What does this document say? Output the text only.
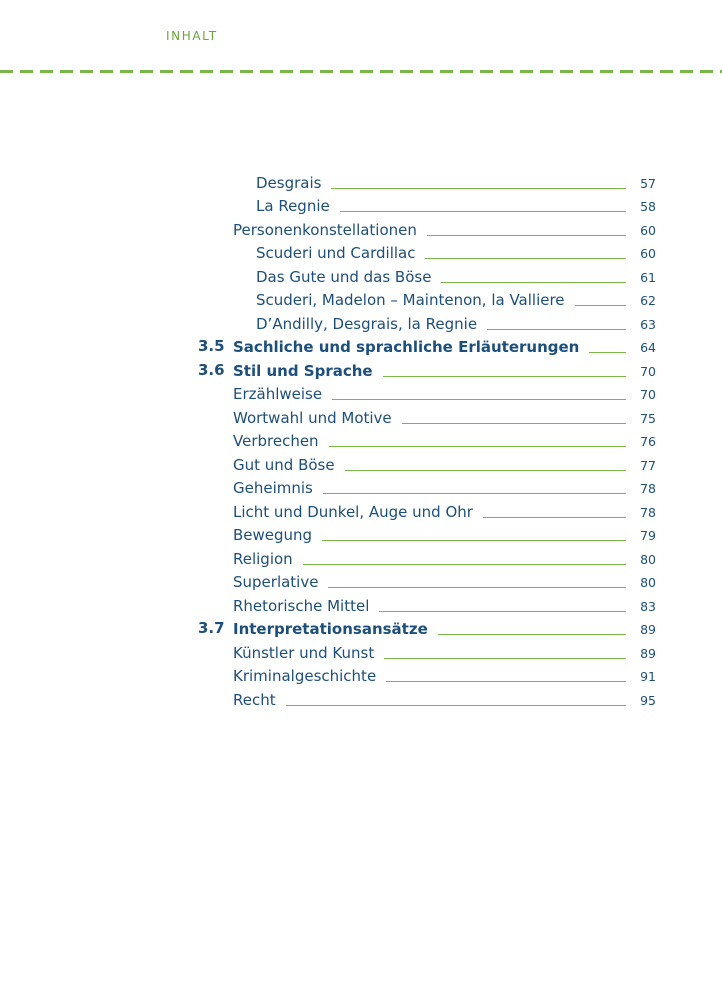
INHALT
Desgrais	57
La Regnie	58
Personenkonstellationen	60
Scuderi und Cardillac	60
Das Gute und das Böse	61
Scuderi, Madelon – Maintenon, la Valliere	62
D’Andilly, Desgrais, la Regnie	63
3.5 Sachliche und sprachliche Erläuterungen	64
3.6 Stil und Sprache	70
Erzählweise	70
Wortwahl und Motive	75
Verbrechen	76
Gut und Böse	77
Geheimnis	78
Licht und Dunkel, Auge und Ohr	78
Bewegung	79
Religion	80
Superlative	80
Rhetorische Mittel	83
3.7 Interpretationsansätze	89
Künstler und Kunst	89
Kriminalgeschichte	91
Recht	95
